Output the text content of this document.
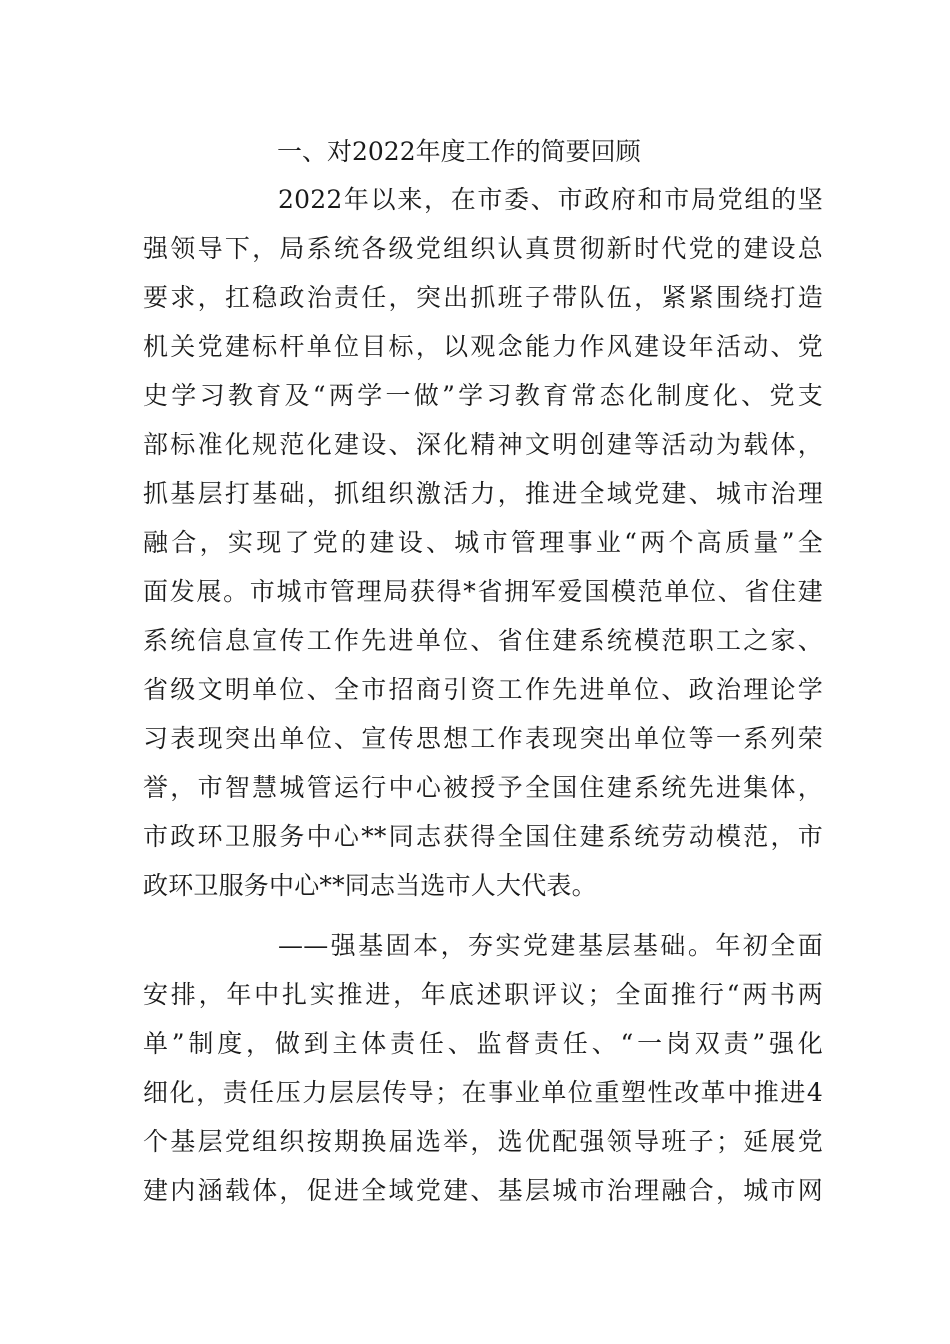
一、对2022年度工作的简要回顾
2022年以来，在市委、市政府和市局党组的坚
强领导下，局系统各级党组织认真贯彻新时代党的建设总
要求，扛稳政治责任，突出抓班子带队伍，紧紧围绕打造
机关党建标杆单位目标，以观念能力作风建设年活动、党
史学习教育及“两学一做”学习教育常态化制度化、党支
部标准化规范化建设、深化精神文明创建等活动为载体，
抓基层打基础，抓组织激活力，推进全域党建、城市治理
融合，实现了党的建设、城市管理事业“两个高质量”全
面发展。市城市管理局获得*省拥军爱国模范单位、省住建
系统信息宣传工作先进单位、省住建系统模范职工之家、
省级文明单位、全市招商引资工作先进单位、政治理论学
习表现突出单位、宣传思想工作表现突出单位等一系列荣
誉，市智慧城管运行中心被授予全国住建系统先进集体，
市政环卫服务中心**同志获得全国住建系统劳动模范，市
政环卫服务中心**同志当选市人大代表。
——强基固本，夯实党建基层基础。年初全面
安排，年中扎实推进，年底述职评议；全面推行“两书两
单”制度，做到主体责任、监督责任、“一岗双责”强化
细化，责任压力层层传导；在事业单位重塑性改革中推进4
个基层党组织按期换届选举，选优配强领导班子；延展党
建内涵载体，促进全域党建、基层城市治理融合，城市网
